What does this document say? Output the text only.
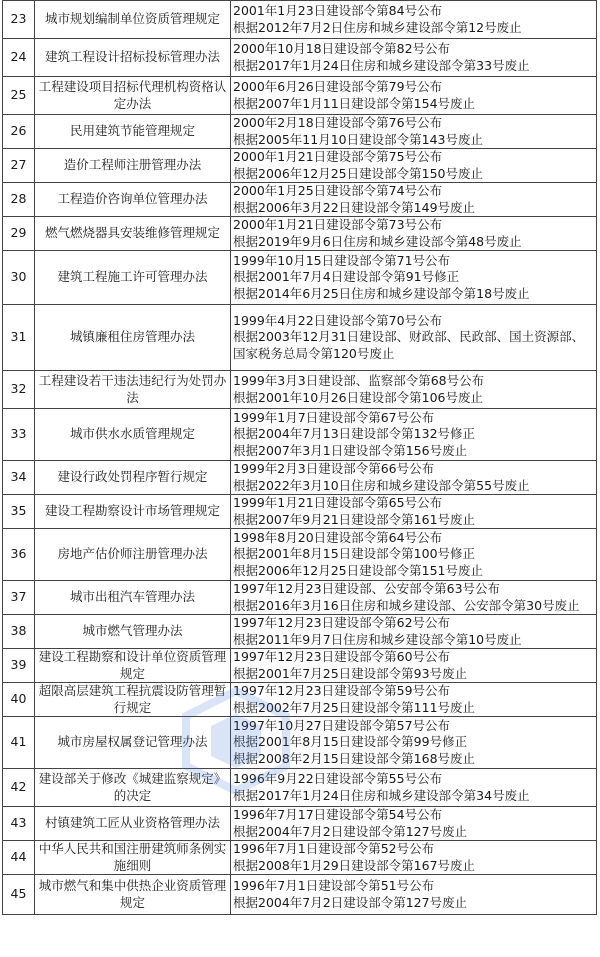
23	城市规划编制单位资质管理规定	2001年1月23日建设部令第84号公布
根据2012年7月2日住房和城乡建设部令第12号废止

24	建筑工程设计招标投标管理办法	2000年10月18日建设部令第82号公布
根据2017年1月24日住房和城乡建设部令第33号废止

25	工程建设项目招标代理机构资格认定办法	2000年6月26日建设部令第79号公布
根据2007年1月11日建设部令第154号废止

26	民用建筑节能管理规定	2000年2月18日建设部令第76号公布
根据2005年11月10日建设部令第143号废止

27	造价工程师注册管理办法	2000年1月21日建设部令第75号公布
根据2006年12月25日建设部令第150号废止

28	工程造价咨询单位管理办法	2000年1月25日建设部令第74号公布
根据2006年3月22日建设部令第149号废止

29	燃气燃烧器具安装维修管理规定	2000年1月21日建设部令第73号公布
根据2019年9月6日住房和城乡建设部令第48号废止

30	建筑工程施工许可管理办法	1999年10月15日建设部令第71号公布
根据2001年7月4日建设部令第91号修正
根据2014年6月25日住房和城乡建设部令第18号废止

31	城镇廉租住房管理办法	1999年4月22日建设部令第70号公布
根据2003年12月31日建设部、财政部、民政部、国土资源部、
国家税务总局令第120号废止

32	工程建设若干违法违纪行为处罚办法	1999年3月3日建设部、监察部令第68号公布
根据2001年10月26日建设部令第106号废止

33	城市供水水质管理规定	1999年1月7日建设部令第67号公布
根据2004年7月13日建设部令第132号修正
根据2007年3月1日建设部令第156号废止

34	建设行政处罚程序暂行规定	1999年2月3日建设部令第66号公布
根据2022年3月10日住房和城乡建设部令第55号废止

35	建设工程勘察设计市场管理规定	1999年1月21日建设部令第65号公布
根据2007年9月21日建设部令第161号废止

36	房地产估价师注册管理办法	1998年8月20日建设部令第64号公布
根据2001年8月15日建设部令第100号修正
根据2006年12月25日建设部令第151号废止

37	城市出租汽车管理办法	1997年12月23日建设部、公安部令第63号公布
根据2016年3月16日住房和城乡建设部、公安部令第30号废止

38	城市燃气管理办法	1997年12月23日建设部令第62号公布
根据2011年9月7日住房和城乡建设部令第10号废止

39	建设工程勘察和设计单位资质管理规定	1997年12月23日建设部令第60号公布
根据2001年7月25日建设部令第93号废止

40	超限高层建筑工程抗震设防管理暂行规定	1997年12月23日建设部令第59号公布
根据2002年7月25日建设部令第111号废止

41	城市房屋权属登记管理办法	1997年10月27日建设部令第57号公布
根据2001年8月15日建设部令第99号修正
根据2008年2月15日建设部令第168号废止

42	建设部关于修改《城建监察规定》的决定	1996年9月22日建设部令第55号公布
根据2017年1月24日住房和城乡建设部令第34号废止

43	村镇建筑工匠从业资格管理办法	1996年7月17日建设部令第54号公布
根据2004年7月2日建设部令第127号废止

44	中华人民共和国注册建筑师条例实施细则	1996年7月1日建设部令第52号公布
根据2008年1月29日建设部令第167号废止

45	城市燃气和集中供热企业资质管理规定	1996年7月1日建设部令第51号公布
根据2004年7月2日建设部令第127号废止
